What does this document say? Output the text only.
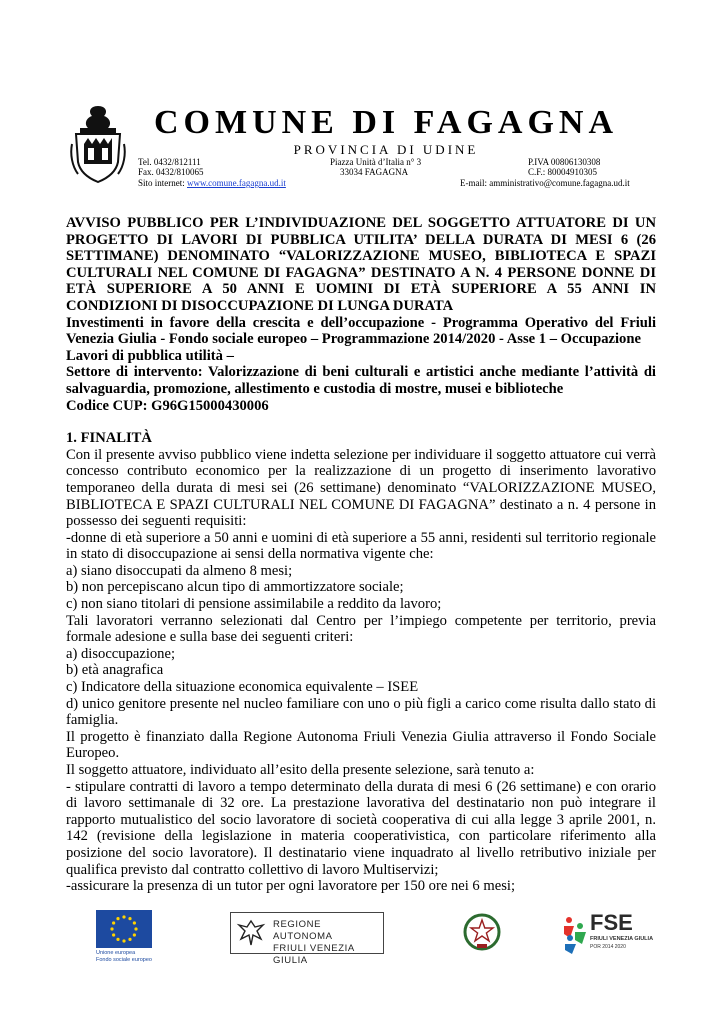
COMUNE DI FAGAGNA
PROVINCIA DI UDINE
Tel. 0432/812111
Fax. 0432/810065
Piazza Unità d’Italia n° 3
33034 FAGAGNA
P.IVA 00806130308
C.F.: 80004910305
Sito internet: www.comune.fagagna.ud.it	E-mail: amministrativo@comune.fagagna.ud.it

AVVISO PUBBLICO PER L’INDIVIDUAZIONE DEL SOGGETTO ATTUATORE DI UN PROGETTO DI LAVORI DI PUBBLICA UTILITA’ DELLA DURATA DI MESI 6 (26 SETTIMANE) DENOMINATO “VALORIZZAZIONE MUSEO, BIBLIOTECA E SPAZI CULTURALI NEL COMUNE DI FAGAGNA” DESTINATO A N. 4 PERSONE DONNE DI ETÀ SUPERIORE A 50 ANNI E UOMINI DI ETÀ SUPERIORE A 55 ANNI IN CONDIZIONI DI DISOCCUPAZIONE DI LUNGA DURATA

Investimenti in favore della crescita e dell’occupazione - Programma Operativo del Friuli Venezia Giulia - Fondo sociale europeo – Programmazione 2014/2020 - Asse 1 – Occupazione

Lavori di pubblica utilità –

Settore di intervento: Valorizzazione di beni culturali e artistici anche mediante l’attività di salvaguardia, promozione, allestimento e custodia di mostre, musei e biblioteche

Codice CUP: G96G15000430006

1. FINALITÀ

Con il presente avviso pubblico viene indetta selezione per individuare il soggetto attuatore cui verrà concesso contributo economico per la realizzazione di un progetto di inserimento lavorativo temporaneo della durata di mesi sei (26 settimane) denominato “VALORIZZAZIONE MUSEO, BIBLIOTECA E SPAZI CULTURALI NEL COMUNE DI FAGAGNA” destinato a n. 4 persone in possesso dei seguenti requisiti:

-donne di età superiore a 50 anni e uomini di età superiore a 55 anni, residenti sul territorio regionale in stato di disoccupazione ai sensi della normativa vigente che:

a) siano disoccupati da almeno 8 mesi;

b) non percepiscano alcun tipo di ammortizzatore sociale;

c) non siano titolari di pensione assimilabile a reddito da lavoro;

Tali lavoratori verranno selezionati dal Centro per l’impiego competente per territorio, previa formale adesione e sulla base dei seguenti criteri:

a) disoccupazione;

b) età anagrafica

c) Indicatore della situazione economica equivalente – ISEE

d) unico genitore presente nel nucleo familiare con uno o più figli a carico come risulta dallo stato di famiglia.

Il progetto è finanziato dalla Regione Autonoma Friuli Venezia Giulia attraverso il Fondo Sociale Europeo.

Il soggetto attuatore, individuato all’esito della presente selezione, sarà tenuto a:

- stipulare contratti di lavoro a tempo determinato della durata di mesi 6 (26 settimane) e con orario di lavoro settimanale di 32 ore. La prestazione lavorativa del destinatario non può integrare il rapporto mutualistico del socio lavoratore di società cooperativa di cui alla legge 3 aprile 2001, n. 142 (revisione della legislazione in materia cooperativistica, con particolare riferimento alla posizione del socio lavoratore). Il destinatario viene inquadrato al livello retributivo iniziale per qualifica previsto dal contratto collettivo di lavoro Multiservizi;

-assicurare la presenza di un tutor per ogni lavoratore per 150 ore nei 6 mesi;

Unione europea
Fondo sociale europeo
REGIONE AUTONOMA
FRIULI VENEZIA GIULIA
FSE
FRIULI VENEZIA GIULIA
POR 2014 2020
